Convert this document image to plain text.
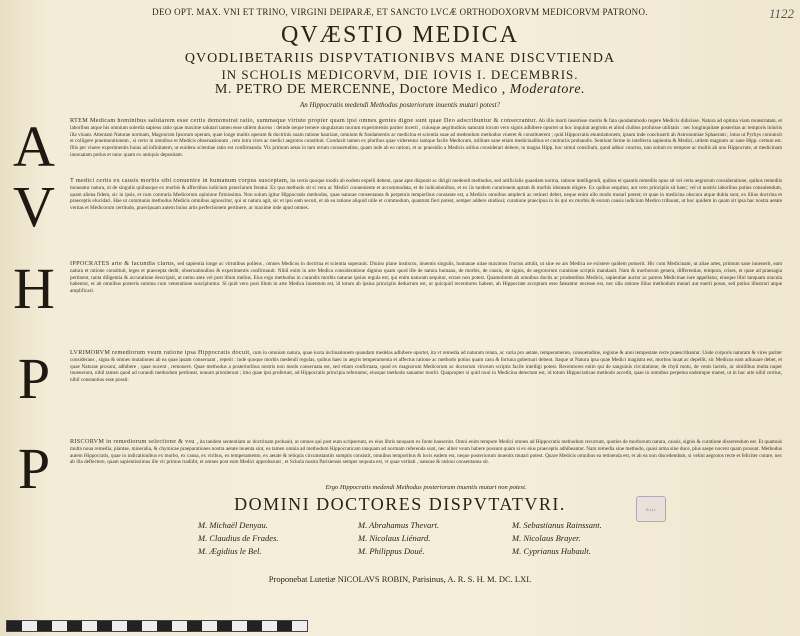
DEO OPT. MAX. VNI ET TRINO, VIRGINI DEIPARÆ, ET SANCTO LVCÆ ORTHODOXORVM MEDICORVM PATRONO.	1122
QVÆSTIO MEDICA
QVODLIBETARIIS DISPVTATIONIBVS MANE DISCVTIENDA
IN SCHOLIS MEDICORVM, DIE IOVIS I. DECEMBRIS.
M. PETRO DE MERCENNE, Doctore Medico , Moderatore.
An Hippocratis medendi Methodus posteriorum inuentis mutari potest?
A
V
H
P
P
RTEM Medicam hominibus salutarem esse certis demonstrat ratio, summaque virtute propter quam ipsi omnes gentes digne sunt quae Deo adscribuntur & consecrantur. Ab illis morti insertisse mortis & fata quodammodo regere Medicis didicisse. Natura ad optima viam monstratam, et laboribus atque his omnium solertia sapiens ratio quae maxime salutari tamen esse utilem ducens : deinde neque temere singularum morum experimentis pariter incerti , cuiusque aegritudinis naturam locum vero signis adhibere oportet ut hoc inquirat aegrotis et aliud ciuibus profuisse utilitatis : nec longinquitate posteritas ac temporis iniuriis illa viuant. Attentam Naturae normam, Magnorum Ipsorum operam, quae longe multis operam & doctrinis suam ratione hauriant, omnium & fundamentis ac medicina et scientia suae ad medendum methodus viueret & constituerent ; quid Hippocratis enuntiationem, ipsum inde concluserit ab Astronomiae Sphaeram ; intus ut Pyrhys coniunxit et colligere praemonitionem , si certo in omnibus et Medicis obseruationum , rem intra vires ac medici aegrotos constituit. Conduxit tamen ex pluribus quae viderentur iamque facile Mediorum, utilitate sane etiam medicinalibus et contrariis probandis. Sentiunt ferme in intellectu sapientia & Medici, utilem magnum ac sane Hipp. certum est. Illis per viuere experimentis huius ad infinitatem, ut euidens scientiae ratio est confirmanda. Vix primum aetas in tam rerum consuetudine, quam inde ab eo rationi, et ac praesidio a Medicis utilius considerari debere, in magna Hipp. hoc simul consilium, quod adhuc cunctos, non solum ex tempore ac multis ab uno Hippocrate, ut medicinam innouatam potius et nunc quam ex antiquis depositam.
T medici certis ex causis morbis sibi conuenire in humanum corpus susceptam, ita certis quoque modis ab eodem expelli debent, quae apte disponit ac dirigit medendi methodus, sed artificialis quaedam norma, ratione intelligendi, quibus et quantis remediis opus sit vel certa aegrorum consideratione, quibus remediis moueatur natura, ut de singulis quibusque ex morbis & affectibus iudicium praeclarum feratur. Ex qua methodo sit si vera ac Medici conueniente et accommodata, et de indicationibus, et ex iis tandem curationem aptam & morbis idoneam eligere. Ex quibus sequitur, aut vero principiis sit haec; vel ut nostris laboribus potius consulendum, quam aliena fidem, sic in ipsis, et cum contraria Medicorum opinione firmissima. Non solum igitur Hippocratis methodus, quae naturae consentanea & perpetuis temporibus constante est, a Medicis omnibus amplecti ac retineri debet, neque enim ullo modo mutari potest; et quae in medicina obscura atque dubia sunt, ex illius doctrina et praeceptis elucidari. Hae ut communis methodus Medicis omnibus agnoscitur, qui ut natura agit, sic et ipsi eam secuti, et ab ea ratione aliquid utile et commodum, quantum fieri potest, semper addere studiosi; curatione praecipua in iis qui ex morbis & eorum causis iudicium Medico tribuunt, ut hoc quidem in quam sit ipsa hac nostra aetate veritas et Medicorum certitudo, praecipuam autem huius artis perfectionem pertinere, ac maxime inde apud omnes.
IPPOCRATES arte & facundia clarus, sed sapientia longe ac virtutibus pollens , omnes Medicos in doctrina et scientia superauit. Diuino plane instinctu, inuentis singulis, humanae uitae maximos fructus attulit, ut sine eo ars Medica ne existere quidem potuerit. Hic cum Medicinam, ut aliae artes, primum sane inuenerit, eam natura et ratione constituit, leges et praecepta dedit, obseruationibus & experimentis confirmauit. Nihil enim in arte Medica consideratione dignius quam quod ille de natura humana, de morbis, de causis, de signis, de aegrotorum curatione scriptis mandauit. Nam & morborum genera, differentias, tempora, crises, et quae ad praesagia pertinent, tanta diligentia & accuratione descripsit, ut nemo ante vel post illum melius. Eius ergo methodus in curandis morbis naturae ipsius regula est; qui enim naturam sequitur, errare non potest. Quamobrem ab omnibus doctis ac prudentibus Medicis, sapientiae auctor ac parens Medicinae iure appellatur, eiusque libri tanquam oracula habentur, et ab omnibus posteris summa cum veneratione suscipiuntur. Si quid vero post illum in arte Medica inuentum est, id totum ab ipsius principiis deductum est, ut quicquid recentiores habent, ab Hippocrate acceptum esse fateantur necesse est, nec ulla ratione illius methodum mutari aut euerti posse, sed potius illustrari atque amplificari.
LVRIMORVM remediorum vsum ratione ipsa Hippocratis docuit, cum in omnium natura, quae iuxta inclinationem quandam medelas adhibere oportet, ita vt remedia ad naturam relata, ac varia pro aetate, temperamento, consuetudine, regione & anni tempestate recte praescribantur. Unde corporis naturam & vires pariter considerans , signa & omnes mutationes ab ea quae ipsam conseruant , repetit : inde quoque morbis medendi regulas, quibus haec in aegris temperamenta et affectus ratione ac methodo potius quam casu & fortuna gubernari debent. Itaque ut Natura ipsa quae Medici magistra est, morbos iuuat ac depellit, sic Medicus eam adiuuare debet, et quae Naturae prosunt, adhibere , quae nocent , remouere. Quae methodus a posterioribus nostris non modo conseruata est, sed etiam confirmata, quod ex magnorum Medicorum ac doctorum virorum scriptis facile intelligi potest. Recentiores enim qui de sanguinis circulatione, de chyli motu, de venis lacteis, ac similibus multa nuper inuenerunt, nihil tamen quod ad curandi methodum pertineat, nouum protulerunt ; imo quae ipsi proferunt, ad Hippocratis principia referuntur, eiusque methodo sanantur morbi. Quapropter si quid noui in Medicina detectum est, id totum Hippocraticae methodo accedit, quae in omnibus perpetua eademque manet, ut in hac arte nihil certius, nihil constantius esse possit.
RISCORVM in remediorum selectione & vsu , ita tandem sententiam ac doctrinam probauit, ut omnes qui post eum scripserunt, ex eius libris tanquam ex fonte hauserint. Omni enim tempore Medici omnes ad Hippocratis methodum recurrunt, quoties de morborum natura, causis, signis & curatione disserendum est. Et quamuis multa noua remedia, plantae, mineralia, & chymicae praeparationes nostra aetate inuenta sint, ea tamen omnia ad methodum Hippocraticam tanquam ad normam referenda sunt, nec aliter vsum habere possunt quam si ex eius praeceptis adhibeantur. Nam remedia sine methodo, quasi arma sine duce, plus saepe nocent quam prosunt. Methodus autem Hippocratis, quae in indicationibus ex morbo, ex causa, ex viribus, ex temperamento, ex aetate & reliquis circumstantiis sumptis consistit, omnibus temporibus & locis eadem est, neque posteriorum inuentis mutari potest. Quare Medicis omnibus ea retinenda est, et ab ea non discedendum, si velint aegrotos recte et feliciter curare, nec ab illa deflectere, quam sapientissimus ille vir primus tradidit, et omnes post eum Medici approbarunt , et Schola nostra Parisiensis semper sequuta est, vt quae veritati , naturae & rationi consentanea sit.
Ergo Hippocratis medendi Methodus posteriorum inuentis mutari non potest.
DOMINI DOCTORES DISPVTATVRI.	B.I.U.
M. Michaël Denyau.
M. Claudius de Frades.
M. Ægidius le Bel.
M. Abrahamus Thevart.
M. Nicolaus Liénard.
M. Philippus Doué.
M. Sebastianus Rainssant.
M. Nicolaus Brayer.
M. Cyprianus Hubault.
Proponebat Lutetiæ NICOLAVS ROBIN, Parisinus, A. R. S. H. M. DC. LXI.
